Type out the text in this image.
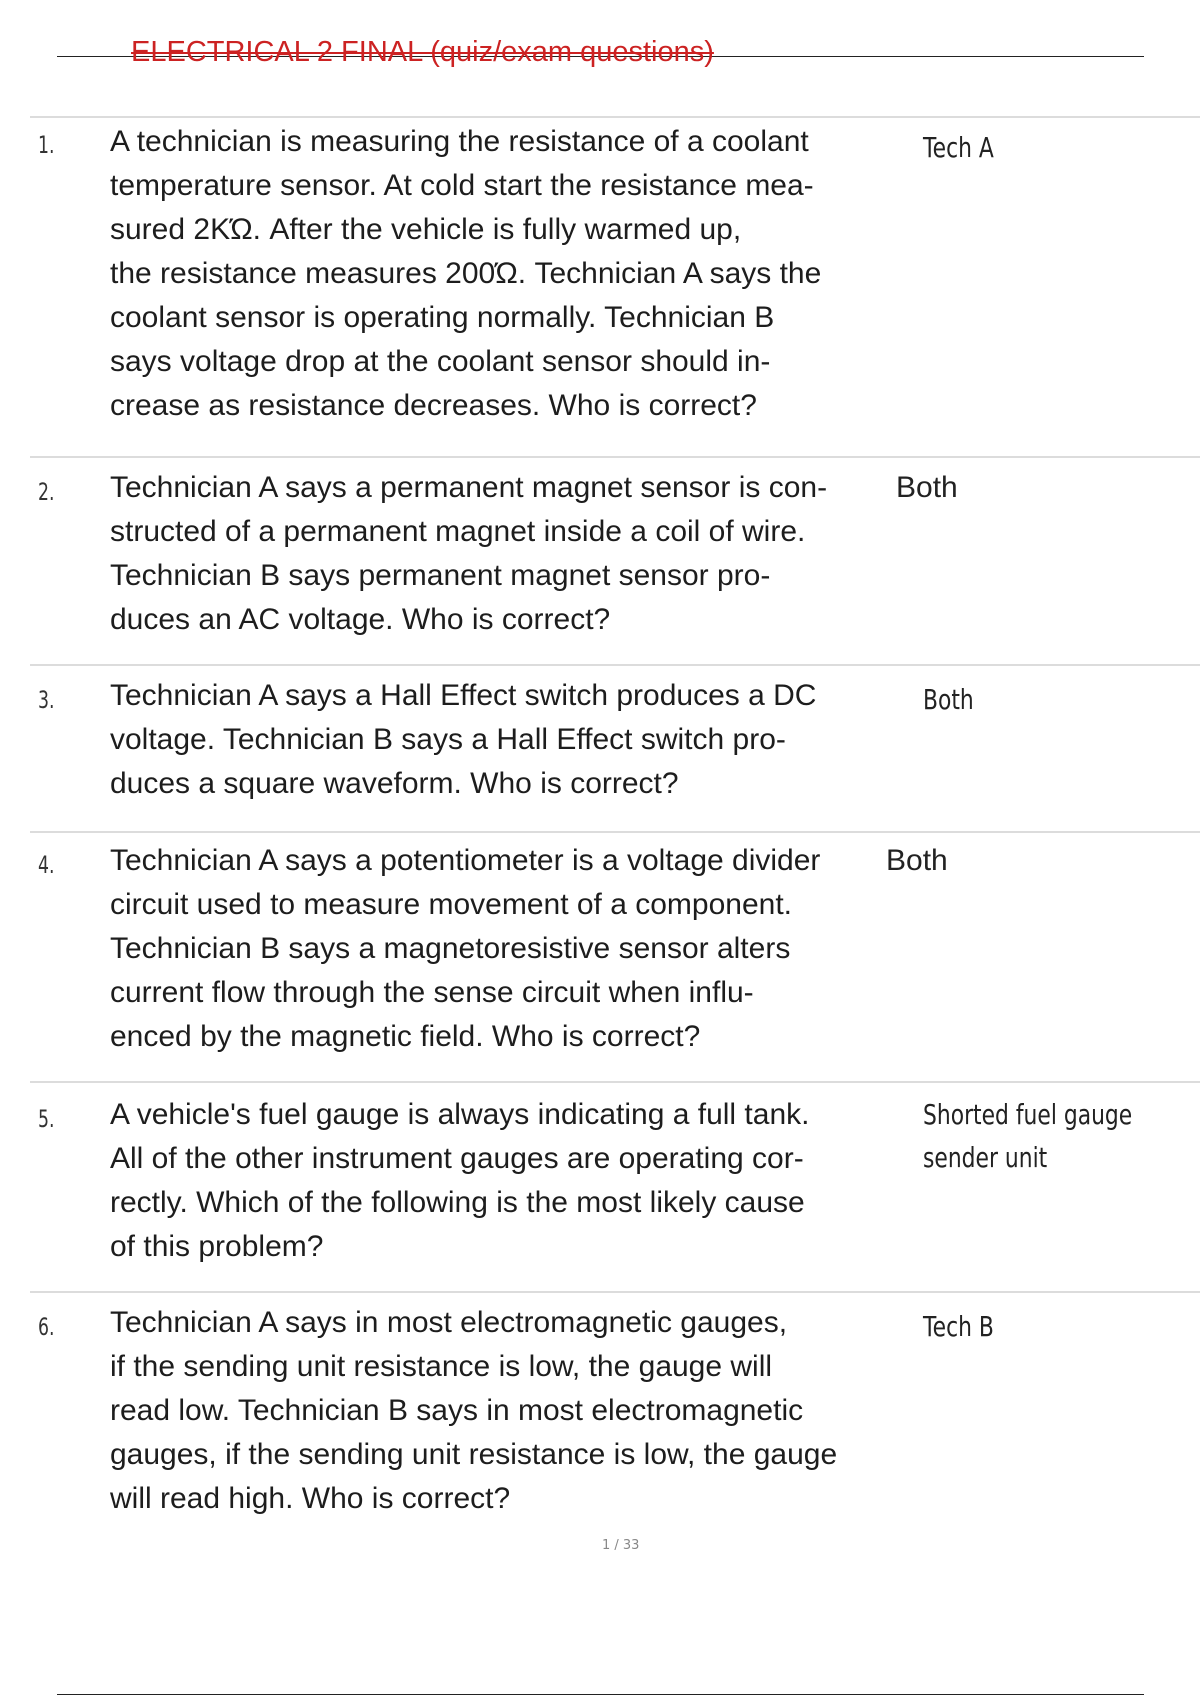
ELECTRICAL 2 FINAL (quiz/exam questions)
1. A technician is measuring the resistance of a coolant
temperature sensor. At cold start the resistance mea-
sured 2KΏ. After the vehicle is fully warmed up,
the resistance measures 200Ώ. Technician A says the
coolant sensor is operating normally. Technician B
says voltage drop at the coolant sensor should in-
crease as resistance decreases. Who is correct?
Tech A
2. Technician A says a permanent magnet sensor is con-
structed of a permanent magnet inside a coil of wire.
Technician B says permanent magnet sensor pro-
duces an AC voltage. Who is correct?
Both
3. Technician A says a Hall Effect switch produces a DC
voltage. Technician B says a Hall Effect switch pro-
duces a square waveform. Who is correct?
Both
4. Technician A says a potentiometer is a voltage divider
circuit used to measure movement of a component.
Technician B says a magnetoresistive sensor alters
current flow through the sense circuit when influ-
enced by the magnetic field. Who is correct?
Both
5. A vehicle's fuel gauge is always indicating a full tank.
All of the other instrument gauges are operating cor-
rectly. Which of the following is the most likely cause
of this problem?
Shorted fuel gauge
sender unit
6. Technician A says in most electromagnetic gauges,
if the sending unit resistance is low, the gauge will
read low. Technician B says in most electromagnetic
gauges, if the sending unit resistance is low, the gauge
will read high. Who is correct?
Tech B
1 / 33
